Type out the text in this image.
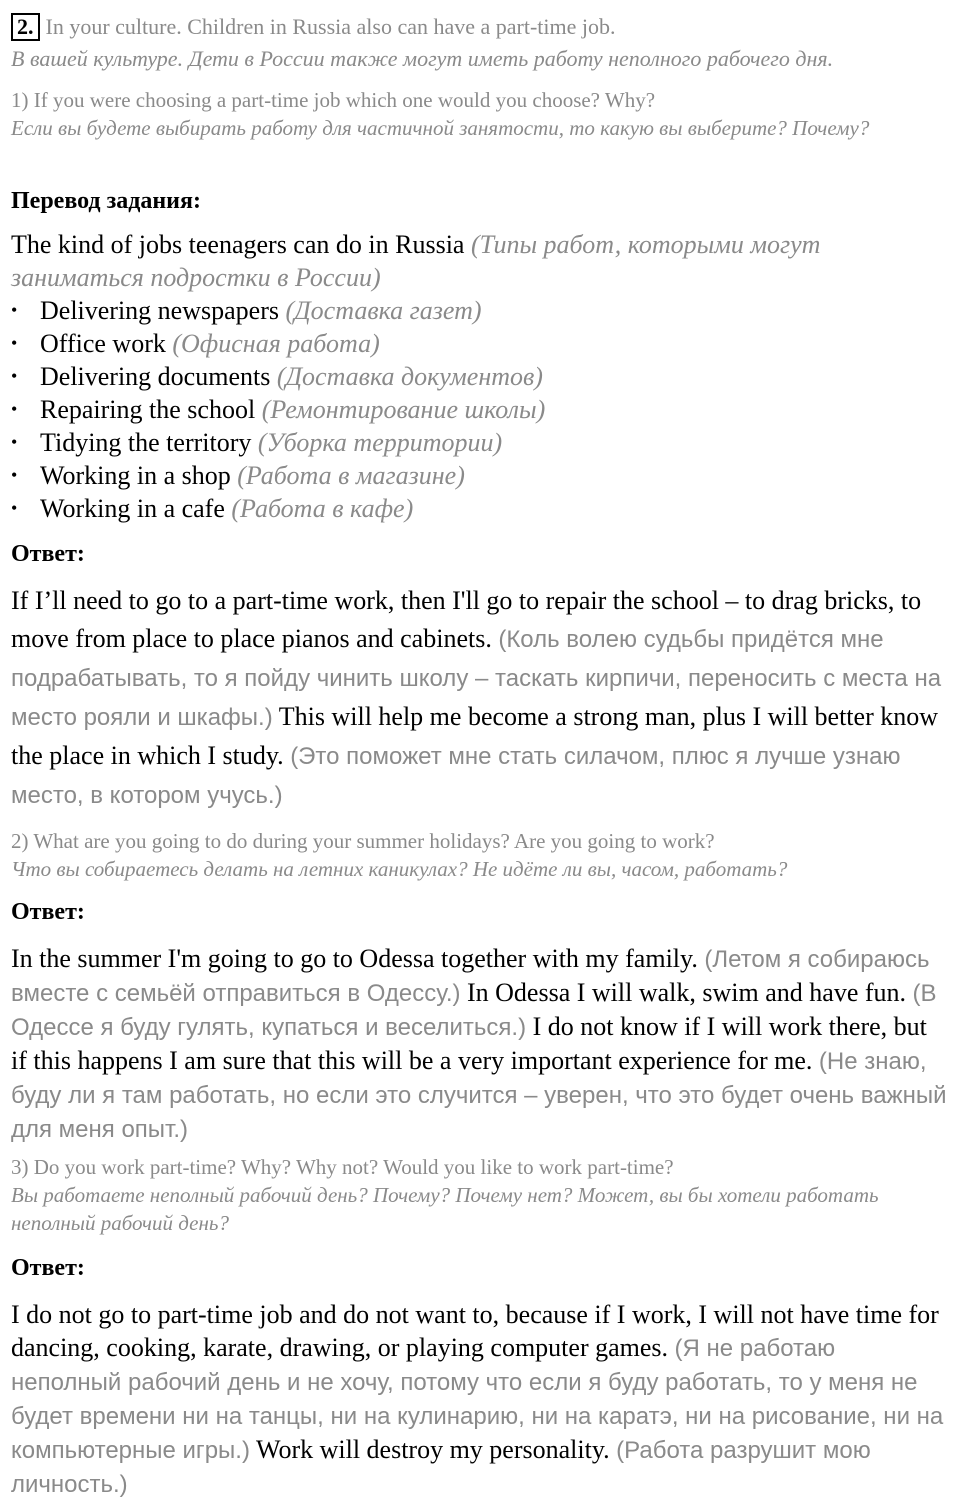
2. In your culture. Children in Russia also can have a part-time job.
В вашей культуре. Дети в России также могут иметь работу неполного рабочего дня.
1) If you were choosing a part-time job which one would you choose? Why?
Если вы будете выбирать работу для частичной занятости, то какую вы выберите? Почему?
Перевод задания:
The kind of jobs teenagers can do in Russia (Типы работ, которыми могут заниматься подростки в России)
• Delivering newspapers (Доставка газет)
• Office work (Офисная работа)
• Delivering documents (Доставка документов)
• Repairing the school (Ремонтирование школы)
• Tidying the territory (Уборка территории)
• Working in a shop (Работа в магазине)
• Working in a cafe (Работа в кафе)
Ответ:
If I’ll need to go to a part-time work, then I'll go to repair the school – to drag bricks, to move from place to place pianos and cabinets. (Коль волею судьбы придётся мне подрабатывать, то я пойду чинить школу – таскать кирпичи, переносить с места на место рояли и шкафы.) This will help me become a strong man, plus I will better know the place in which I study. (Это поможет мне стать силачом, плюс я лучше узнаю место, в котором учусь.)
2) What are you going to do during your summer holidays? Are you going to work?
Что вы собираетесь делать на летних каникулах? Не идёте ли вы, часом, работать?
Ответ:
In the summer I'm going to go to Odessa together with my family. (Летом я собираюсь вместе с семьёй отправиться в Одессу.) In Odessa I will walk, swim and have fun. (В Одессе я буду гулять, купаться и веселиться.) I do not know if I will work there, but if this happens I am sure that this will be a very important experience for me. (Не знаю, буду ли я там работать, но если это случится – уверен, что это будет очень важный для меня опыт.)
3) Do you work part-time? Why? Why not? Would you like to work part-time?
Вы работаете неполный рабочий день? Почему? Почему нет? Может, вы бы хотели работать неполный рабочий день?
Ответ:
I do not go to part-time job and do not want to, because if I work, I will not have time for dancing, cooking, karate, drawing, or playing computer games. (Я не работаю неполный рабочий день и не хочу, потому что если я буду работать, то у меня не будет времени ни на танцы, ни на кулинарию, ни на каратэ, ни на рисование, ни на компьютерные игры.) Work will destroy my personality. (Работа разрушит мою личность.)
